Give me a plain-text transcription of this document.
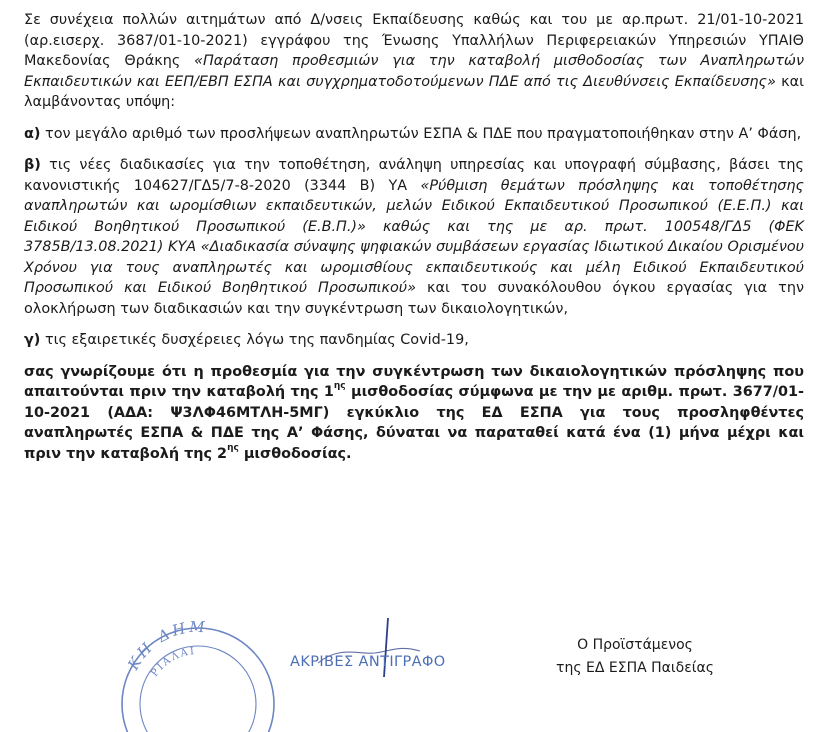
Σε συνέχεια πολλών αιτημάτων από Δ/νσεις Εκπαίδευσης καθώς και του με αρ.πρωτ. 21/01-10-2021 (αρ.εισερχ. 3687/01-10-2021) εγγράφου της Ένωσης Υπαλλήλων Περιφερειακών Υπηρεσιών ΥΠΑΙΘ Μακεδονίας Θράκης «Παράταση προθεσμιών για την καταβολή μισθοδοσίας των Αναπληρωτών Εκπαιδευτικών και ΕΕΠ/ΕΒΠ ΕΣΠΑ και συγχρηματοδοτούμενων ΠΔΕ από τις Διευθύνσεις Εκπαίδευσης» και λαμβάνοντας υπόψη:

α) τον μεγάλο αριθμό των προσλήψεων αναπληρωτών ΕΣΠΑ & ΠΔΕ που πραγματοποιήθηκαν στην Α’ Φάση,

β) τις νέες διαδικασίες για την τοποθέτηση, ανάληψη υπηρεσίας και υπογραφή σύμβασης, βάσει της κανονιστικής 104627/ΓΔ5/7-8-2020 (3344 Β) ΥΑ «Ρύθμιση θεμάτων πρόσληψης και τοποθέτησης αναπληρωτών και ωρομίσθιων εκπαιδευτικών, μελών Ειδικού Εκπαιδευτικού Προσωπικού (Ε.Ε.Π.) και Ειδικού Βοηθητικού Προσωπικού (Ε.Β.Π.)» καθώς και της με αρ. πρωτ. 100548/ΓΔ5 (ΦΕΚ 3785Β/13.08.2021) ΚΥΑ «Διαδικασία σύναψης ψηφιακών συμβάσεων εργασίας Ιδιωτικού Δικαίου Ορισμένου Χρόνου για τους αναπληρωτές και ωρομισθίους εκπαιδευτικούς και μέλη Ειδικού Εκπαιδευτικού Προσωπικού και Ειδικού Βοηθητικού Προσωπικού» και του συνακόλουθου όγκου εργασίας για την ολοκλήρωση των διαδικασιών και την συγκέντρωση των δικαιολογητικών,

γ) τις εξαιρετικές δυσχέρειες λόγω της πανδημίας Covid-19,

σας γνωρίζουμε ότι η προθεσμία για την συγκέντρωση των δικαιολογητικών πρόσληψης που απαιτούνται πριν την καταβολή της $1^{\eta\varsigma}$ μισθοδοσίας σύμφωνα με την με αριθμ. πρωτ. 3677/01-10-2021 (ΑΔΑ: Ψ3ΛΦ46ΜΤΛΗ-5ΜΓ) εγκύκλιο της ΕΔ ΕΣΠΑ για τους προσληφθέντες αναπληρωτές ΕΣΠΑ & ΠΔΕ της Α’ Φάσης, δύναται να παραταθεί κατά ένα (1) μήνα μέχρι και πριν την καταβολή της $2^{\eta\varsigma}$ μισθοδοσίας.

ΚΗ ΔΗΜ
ΡΙΑΛΑΙ
ΑΚΡΙΒΕΣ ΑΝΤΙΓΡΑΦΟ
Ο Προϊστάμενος
της ΕΔ ΕΣΠΑ Παιδείας
